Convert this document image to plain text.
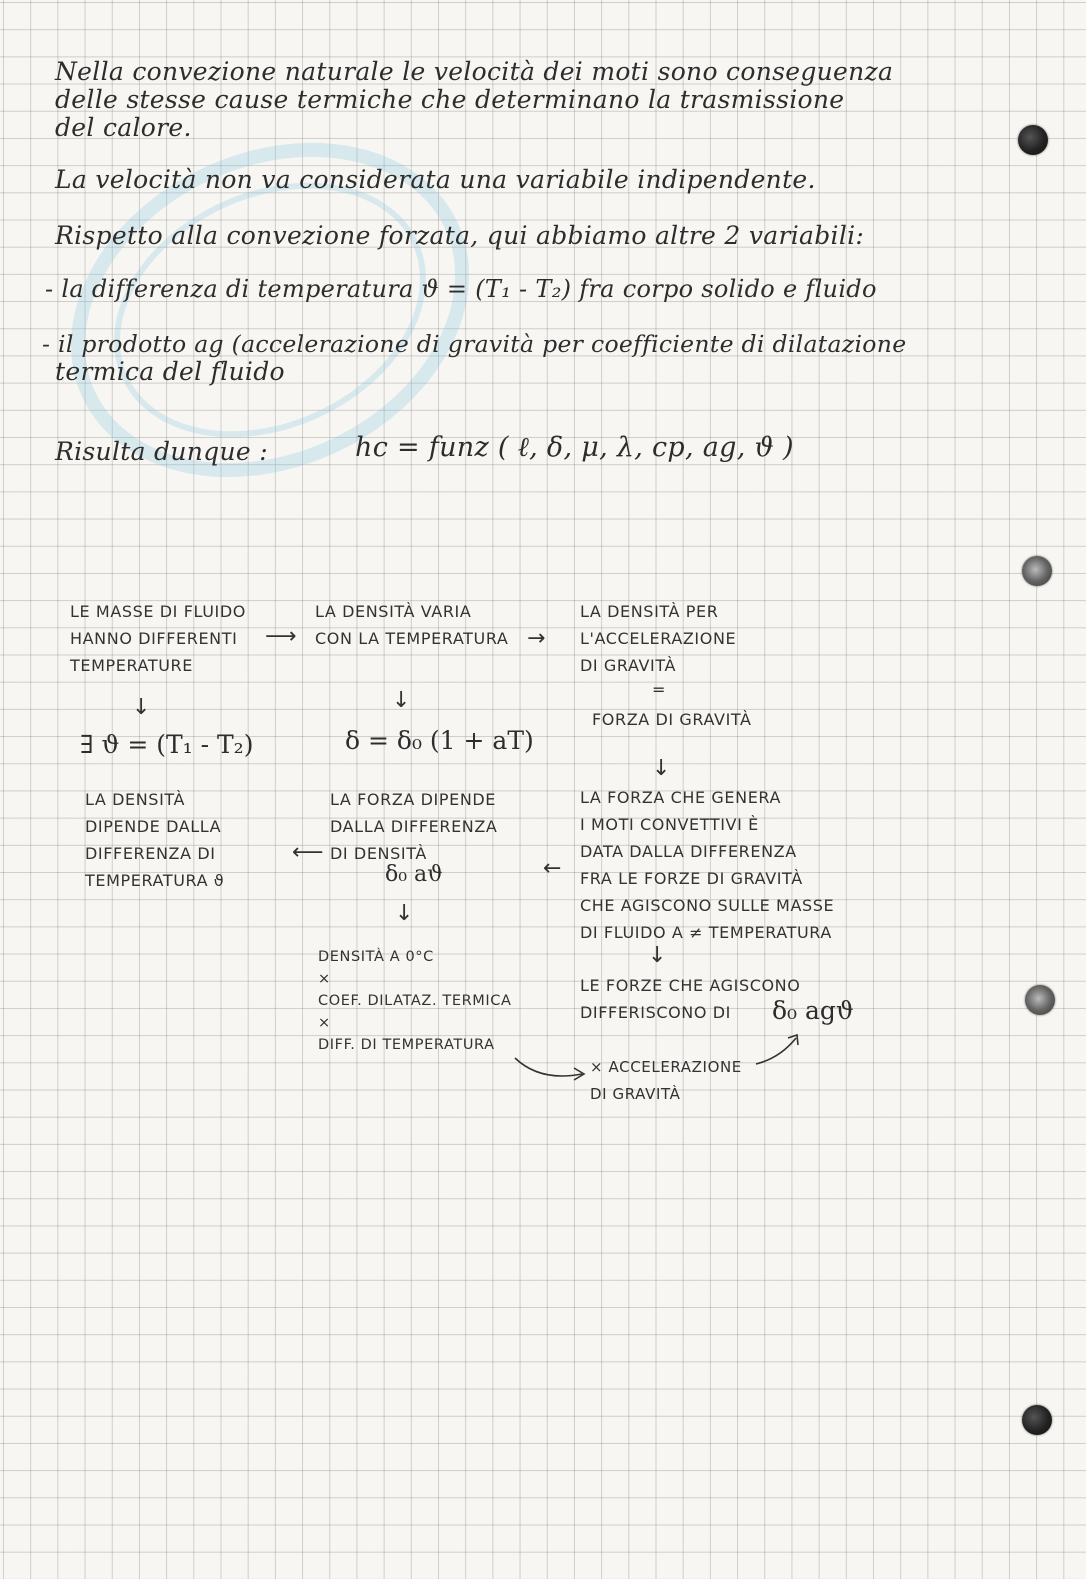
Nella convezione naturale le velocità dei moti sono conseguenza
delle stesse cause termiche che determinano la trasmissione
del calore.
La velocità non va considerata una variabile indipendente.
Rispetto alla convezione forzata, qui abbiamo altre 2 variabili:
- la differenza di temperatura ϑ = (T₁ - T₂) fra corpo solido e fluido
- il prodotto ag (accelerazione di gravità per coefficiente di dilatazione
termica del fluido
Risulta dunque :	hc = funz ( ℓ, δ, μ, λ, cp, ag, ϑ )
LE MASSE DI FLUIDO
HANNO DIFFERENTI
TEMPERATURE
⟶
LA DENSITÀ VARIA
CON LA TEMPERATURA →
LA DENSITÀ PER
L'ACCELERAZIONE
DI GRAVITÀ
=
FORZA DI GRAVITÀ
↓	↓
↓
∃ ϑ = (T₁ - T₂)	δ = δ₀ (1 + aT)
LA DENSITÀ
DIPENDE DALLA
DIFFERENZA DI
TEMPERATURA ϑ
⟵
LA FORZA DIPENDE
DALLA DIFFERENZA
DI DENSITÀ
δ₀ aϑ	←
LA FORZA CHE GENERA
I MOTI CONVETTIVI È
DATA DALLA DIFFERENZA
FRA LE FORZE DI GRAVITÀ
CHE AGISCONO SULLE MASSE
DI FLUIDO A ≠ TEMPERATURA
↓
↓
DENSITÀ A 0°C
×
COEF. DILATAZ. TERMICA
×
DIFF. DI TEMPERATURA
LE FORZE CHE AGISCONO
DIFFERISCONO DI	δ₀ agϑ
× ACCELERAZIONE
DI GRAVITÀ
